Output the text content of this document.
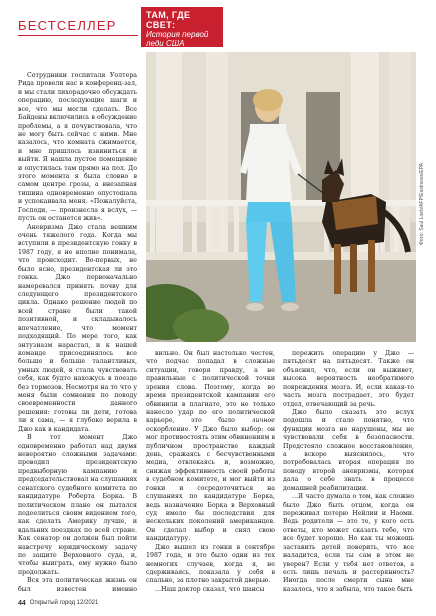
БЕСТСЕЛЛЕР
ТАМ, ГДЕ СВЕТ:
История первой леди США
Фото: Saul Loeb/AFP/Eastnews/EPA

Сотрудники госпиталя Уолтера Рида провели нас в конференц-зал, и мы стали лихорадочно обсуждать операцию, последующие шаги и все, что мы могли сделать. Все Байдены включились в обсуждение проблемы, а я почувствовала, что не могу быть сейчас с ними. Мне казалось, что комната сжимается, и мне пришлось извиниться и выйти. Я нашла пустое помещение и опустилась там прямо на пол. До этого момента я была словно в самом центре грозы, а внезапная тишина одновременно опустошала и успокаивала меня. «Пожалуйста, Господи, — произнесла я вслух, — пусть он останется жив».

Аневризма Джо стала вешним очень тяжелого года. Когда мы вступили в президентскую гонку в 1987 году, я не вполне понимала, что происходит. Во-первых, не было ясно, президентская ли это гонка. Джо первоначально намеревался принять почву для следующего президентского цикла. Однако решение людей по всей стране были такой позитивной, и складывалось впечатление, что момент подходящий. По мере того, как энтузиазм нарастал, и к нашей команде присоединялось все больше и больше талантливых, умных людей, я стала чувствовать себя, как будто нахожусь в поезде без тормозов. Несмотря на то что у меня были сомнения по поводу своевременности данного решения: готовы ли дети, готова ли я сама, — я глубоко верила в Джо как в кандидата.

В тот момент Джо одновременно работал над двумя невероятно сложными задачами: проводил президентскую предвыборную кампанию и председательствовал на слушаниях сенатского судебного комитета по кандидатуре Роберта Борка. В политическом плане он пытался подеелиться своим видением того, как сделать Америку лучше, и вдальних поездках по всей стране. Как сенатор он должен был пойти навстречу юридическому задачу по защите Верховного суда, и, чтобы выиграть, ему нужно было продолжать.

Вся эта политическая жизнь он был известен именно

вильно. Он был настолько честен, что подчас попадал в сложные ситуации, говоря правду, а не правильные с политической точки зрения слова. Поэтому, когда во время президентской кампании его обвинили в плагиате, это не только нанесло удар по его политической карьере, это было личное оскорбление. У Джо было выбор: он мог противостоять этим обвинениям в публичном пространстве каждый день, сражаясь с бесчувственными медиа, отвлекаясь и, возможно, снижая эффективность своей работы в судебном комитете, и мог выйти из гонки и сосредоточиться на слушаниях по кандидатуре Борка, ведь назначение Борка в Верховный суд имело бы последствия для нескольких поколений американцев. Он сделал выбор и снял свою кандидатуру.

Джо вышел из гонки в сентябре 1987 года, и это было одни из тех немногих случаев, когда я, не сдерживаясь, показала у себя в спальне, за плотно закрытой дверью.

...Наш доктор сказал, что шансы

пережить операцию у Джо — пятьдесят на пятьдесят. Также он объяснил, что, если он выживет, высока вероятность необратимого повреждения мозга. И, если какая-то часть мозга пострадает, это будет отдел, отвечающий за речь.

Джо было сказать это вслух подошла и стало понятно, что функции мозга не нарушены, мы не чувствовали себя в безопасности. Предстояло сложное восстановление, а вскоре выяснилось, что потребовалась вторая операция по поводу второй аневризмы, которая дала о себе знать в процессе домашней реабилитации.

...Я часто думала о том, как сложно было Джо быть отцом, когда он переживал потерю Нейлии и Наоми. Ведь родители — это те, у кого есть ответы, кто может сказать тебе, что все будет хорошо. Но как ты можешь заставить детей поверить, что все наладится, если ты сам в этом не уверен? Если у тебя нет ответов, а есть лишь печаль и растерянность? Иногда после смерти сына мне казалось, что я забыла, что такое быть

44 Открытый город 12/2021
